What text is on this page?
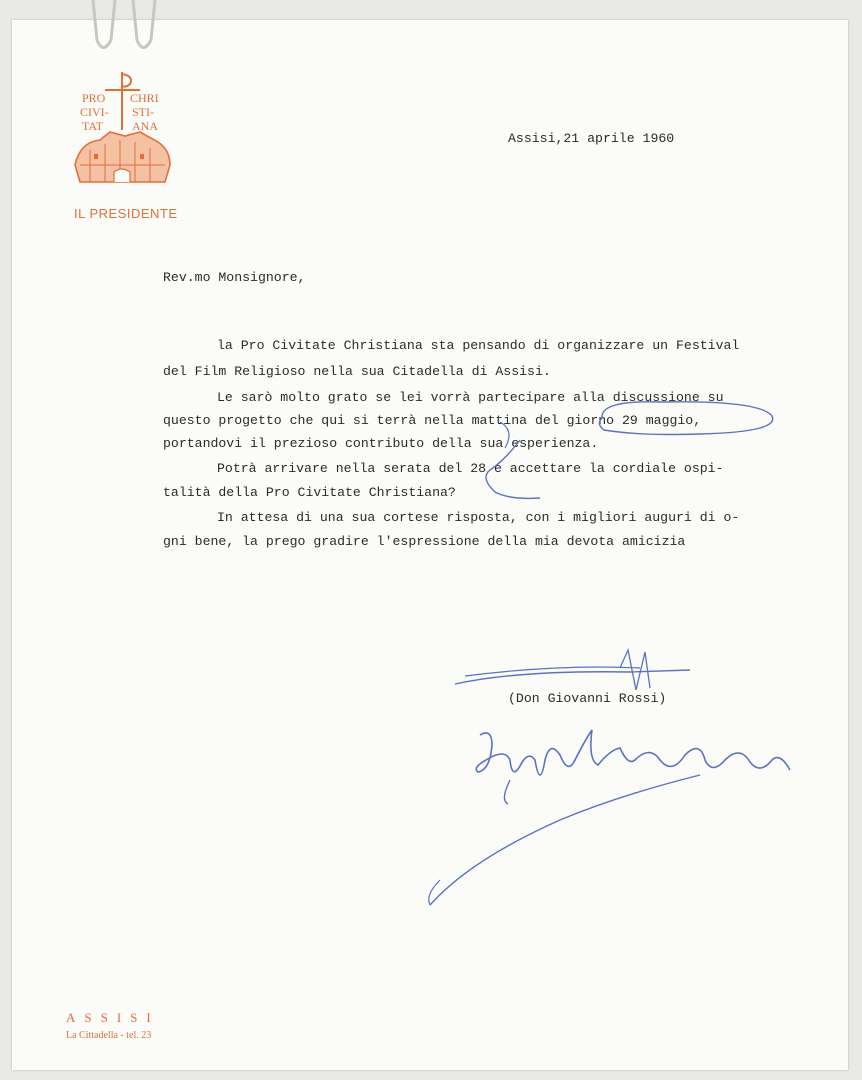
PRO CHRI
CIVI- STI-
TAT ANA
IL PRESIDENTE
Assisi,21 aprile 1960
Rev.mo Monsignore,
la Pro Civitate Christiana sta pensando di organizzare un Festival
del Film Religioso nella sua Citadella di Assisi.
Le sarò molto grato se lei vorrà partecipare alla discussione su
questo progetto che qui si terrà nella mattina del giorno 29 maggio,
portandovi il prezioso contributo della sua esperienza.
Potrà arrivare nella serata del 28 e accettare la cordiale ospi-
talità della Pro Civitate Christiana?
In attesa di una sua cortese risposta, con i migliori auguri di o-
gni bene, la prego gradire l'espressione della mia devota amicizia
(Don Giovanni Rossi)
ASSISI
La Cittadella - tel. 23
